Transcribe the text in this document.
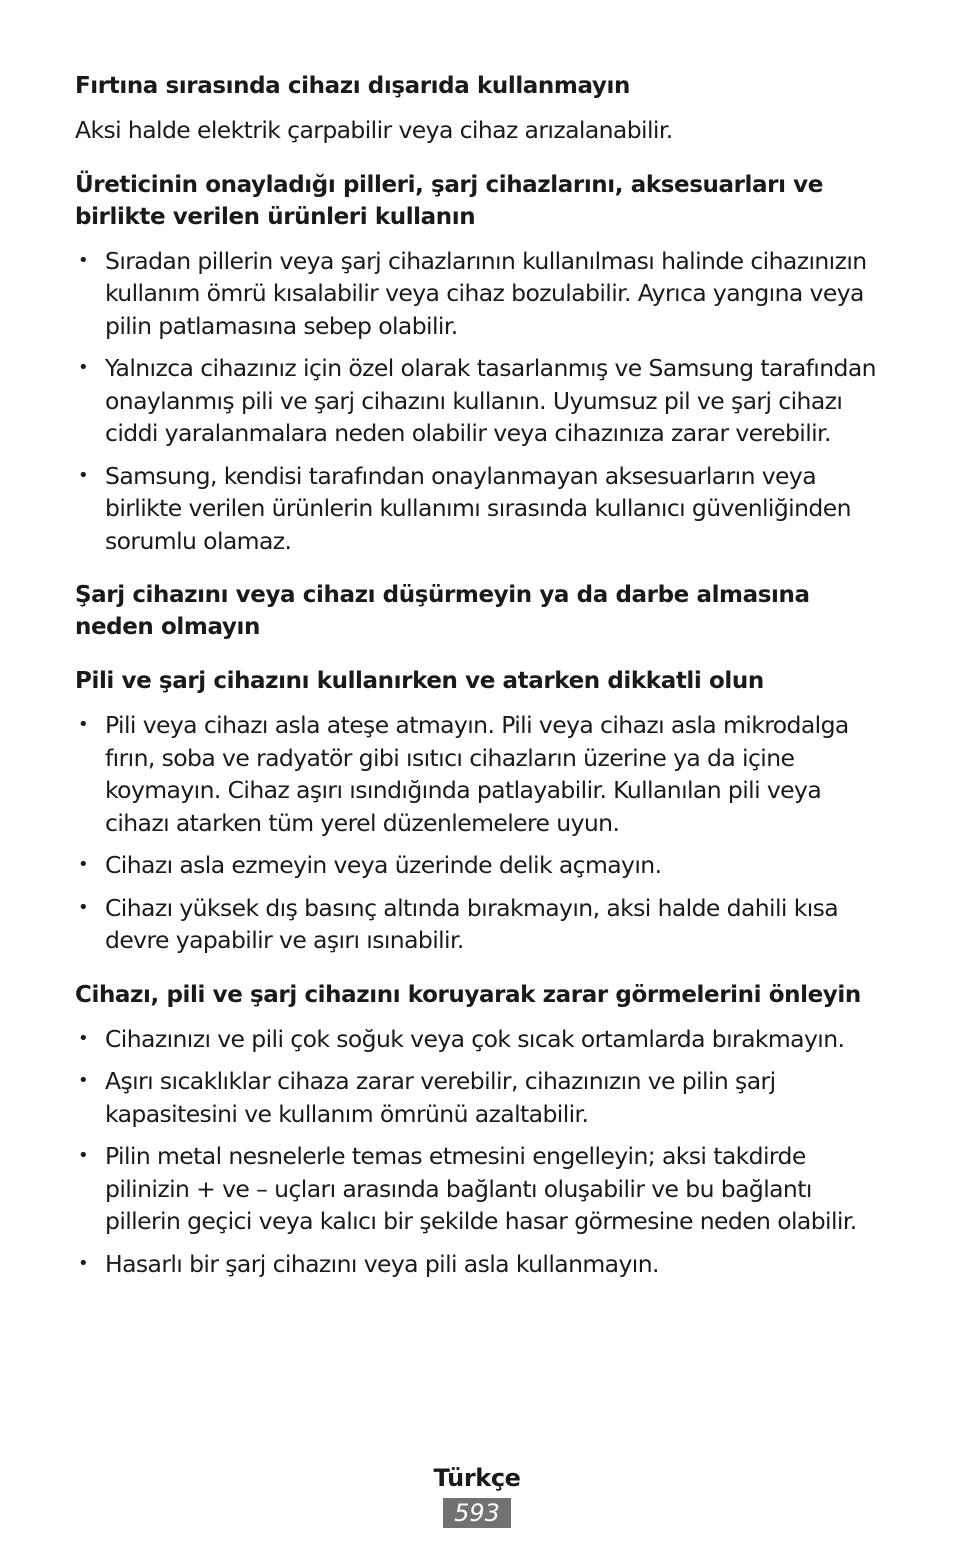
Fırtına sırasında cihazı dışarıda kullanmayın

Aksi halde elektrik çarpabilir veya cihaz arızalanabilir.

Üreticinin onayladığı pilleri, şarj cihazlarını, aksesuarları ve birlikte verilen ürünleri kullanın

• Sıradan pillerin veya şarj cihazlarının kullanılması halinde cihazınızın kullanım ömrü kısalabilir veya cihaz bozulabilir. Ayrıca yangına veya pilin patlamasına sebep olabilir.
• Yalnızca cihazınız için özel olarak tasarlanmış ve Samsung tarafından onaylanmış pili ve şarj cihazını kullanın. Uyumsuz pil ve şarj cihazı ciddi yaralanmalara neden olabilir veya cihazınıza zarar verebilir.
• Samsung, kendisi tarafından onaylanmayan aksesuarların veya birlikte verilen ürünlerin kullanımı sırasında kullanıcı güvenliğinden sorumlu olamaz.

Şarj cihazını veya cihazı düşürmeyin ya da darbe almasına neden olmayın

Pili ve şarj cihazını kullanırken ve atarken dikkatli olun

• Pili veya cihazı asla ateşe atmayın. Pili veya cihazı asla mikrodalga fırın, soba ve radyatör gibi ısıtıcı cihazların üzerine ya da içine koymayın. Cihaz aşırı ısındığında patlayabilir. Kullanılan pili veya cihazı atarken tüm yerel düzenlemelere uyun.
• Cihazı asla ezmeyin veya üzerinde delik açmayın.
• Cihazı yüksek dış basınç altında bırakmayın, aksi halde dahili kısa devre yapabilir ve aşırı ısınabilir.

Cihazı, pili ve şarj cihazını koruyarak zarar görmelerini önleyin

• Cihazınızı ve pili çok soğuk veya çok sıcak ortamlarda bırakmayın.
• Aşırı sıcaklıklar cihaza zarar verebilir, cihazınızın ve pilin şarj kapasitesini ve kullanım ömrünü azaltabilir.
• Pilin metal nesnelerle temas etmesini engelleyin; aksi takdirde pilinizin + ve – uçları arasında bağlantı oluşabilir ve bu bağlantı pillerin geçici veya kalıcı bir şekilde hasar görmesine neden olabilir.
• Hasarlı bir şarj cihazını veya pili asla kullanmayın.
Türkçe
593
